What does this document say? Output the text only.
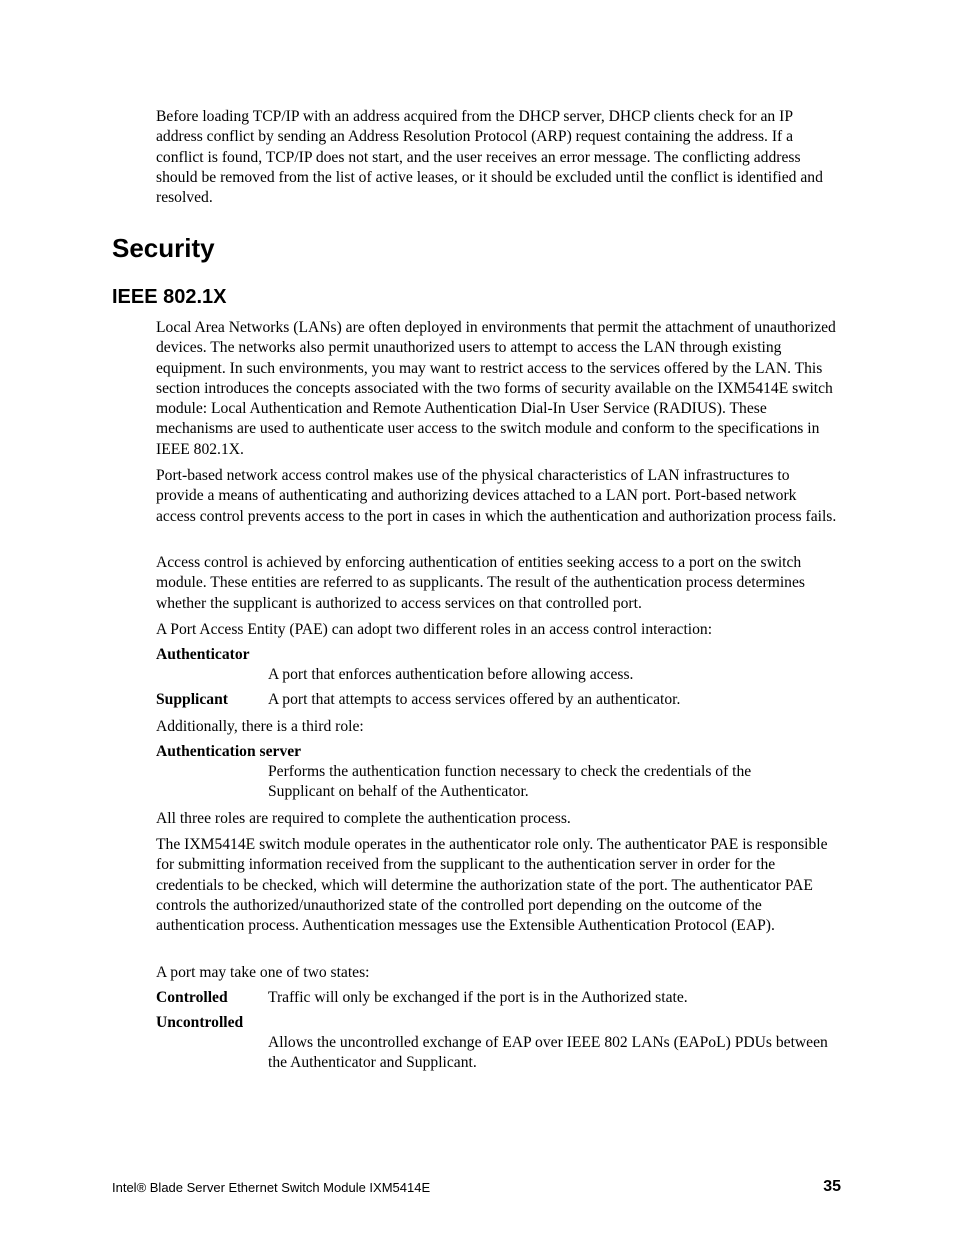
Before loading TCP/IP with an address acquired from the DHCP server, DHCP clients check for an IP address conflict by sending an Address Resolution Protocol (ARP) request containing the address. If a conflict is found, TCP/IP does not start, and the user receives an error message. The conflicting address should be removed from the list of active leases, or it should be excluded until the conflict is identified and resolved.

Security
IEEE 802.1X

Local Area Networks (LANs) are often deployed in environments that permit the attachment of unauthorized devices. The networks also permit unauthorized users to attempt to access the LAN through existing equipment. In such environments, you may want to restrict access to the services offered by the LAN. This section introduces the concepts associated with the two forms of security available on the IXM5414E switch module: Local Authentication and Remote Authentication Dial-In User Service (RADIUS). These mechanisms are used to authenticate user access to the switch module and conform to the specifications in IEEE 802.1X.

Port-based network access control makes use of the physical characteristics of LAN infrastructures to provide a means of authenticating and authorizing devices attached to a LAN port. Port-based network access control prevents access to the port in cases in which the authentication and authorization process fails.

Access control is achieved by enforcing authentication of entities seeking access to a port on the switch module. These entities are referred to as supplicants. The result of the authentication process determines whether the supplicant is authorized to access services on that controlled port.

A Port Access Entity (PAE) can adopt two different roles in an access control interaction:

Authenticator
A port that enforces authentication before allowing access.
Supplicant	A port that attempts to access services offered by an authenticator.

Additionally, there is a third role:

Authentication server
Performs the authentication function necessary to check the credentials of the Supplicant on behalf of the Authenticator.

All three roles are required to complete the authentication process.

The IXM5414E switch module operates in the authenticator role only. The authenticator PAE is responsible for submitting information received from the supplicant to the authentication server in order for the credentials to be checked, which will determine the authorization state of the port. The authenticator PAE controls the authorized/unauthorized state of the controlled port depending on the outcome of the authentication process. Authentication messages use the Extensible Authentication Protocol (EAP).

A port may take one of two states:

Controlled	Traffic will only be exchanged if the port is in the Authorized state.
Uncontrolled
Allows the uncontrolled exchange of EAP over IEEE 802 LANs (EAPoL) PDUs between the Authenticator and Supplicant.
Intel® Blade Server Ethernet Switch Module IXM5414E	35
